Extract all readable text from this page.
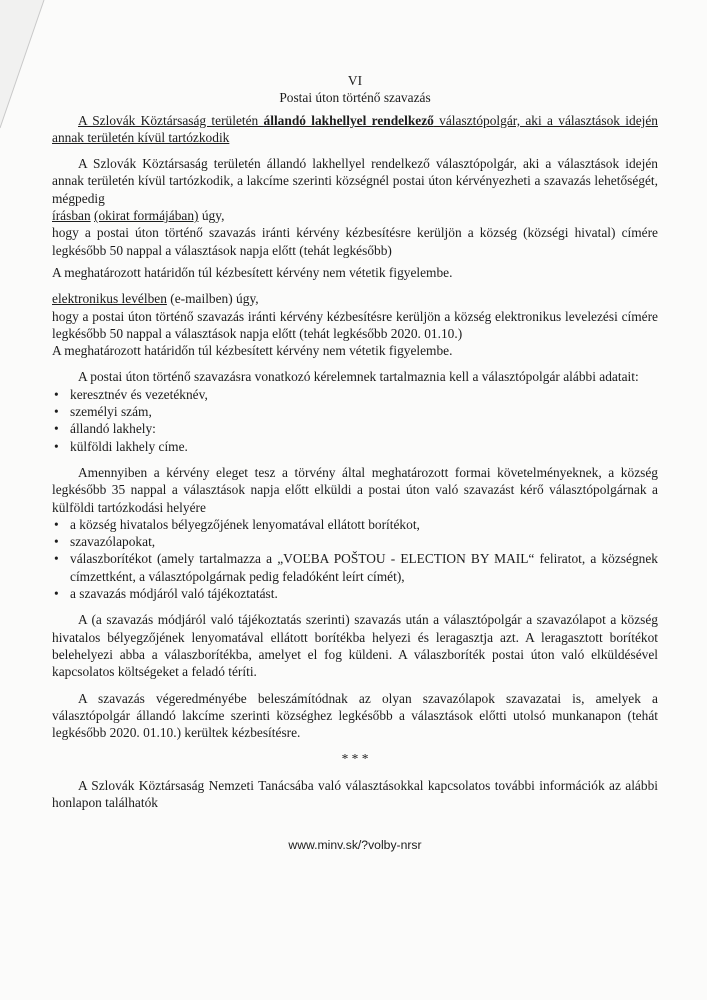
VI

Postai úton történő szavazás

A Szlovák Köztársaság területén állandó lakhellyel rendelkező választópolgár, aki a választások idején annak területén kívül tartózkodik

A Szlovák Köztársaság területén állandó lakhellyel rendelkező választópolgár, aki a választások idején annak területén kívül tartózkodik, a lakcíme szerinti községnél postai úton kérvényezheti a szavazás lehetőségét, mégpedig

írásban (okirat formájában) úgy,

hogy a postai úton történő szavazás iránti kérvény kézbesítésre kerüljön a község (községi hivatal) címére legkésőbb 50 nappal a választások napja előtt (tehát legkésőbb)

A meghatározott határidőn túl kézbesített kérvény nem vétetik figyelembe.

elektronikus levélben (e-mailben) úgy,

hogy a postai úton történő szavazás iránti kérvény kézbesítésre kerüljön a község elektronikus levelezési címére legkésőbb 50 nappal a választások napja előtt (tehát legkésőbb 2020. 01.10.)

A meghatározott határidőn túl kézbesített kérvény nem vétetik figyelembe.

A postai úton történő szavazásra vonatkozó kérelemnek tartalmaznia kell a választópolgár alábbi adatait:

• keresztnév és vezetéknév,
• személyi szám,
• állandó lakhely:
• külföldi lakhely címe.

Amennyiben a kérvény eleget tesz a törvény által meghatározott formai követelményeknek, a község legkésőbb 35 nappal a választások napja előtt elküldi a postai úton való szavazást kérő választópolgárnak a külföldi tartózkodási helyére

• a község hivatalos bélyegzőjének lenyomatával ellátott borítékot,
• szavazólapokat,
• válaszborítékot (amely tartalmazza a „VOĽBA POŠTOU - ELECTION BY MAIL“ feliratot, a községnek címzettként, a választópolgárnak pedig feladóként leírt címét),
• a szavazás módjáról való tájékoztatást.

A (a szavazás módjáról való tájékoztatás szerinti) szavazás után a választópolgár a szavazólapot a község hivatalos bélyegzőjének lenyomatával ellátott borítékba helyezi és leragasztja azt. A leragasztott borítékot belehelyezi abba a válaszborítékba, amelyet el fog küldeni. A válaszboríték postai úton való elküldésével kapcsolatos költségeket a feladó téríti.

A szavazás végeredményébe beleszámítódnak az olyan szavazólapok szavazatai is, amelyek a választópolgár állandó lakcíme szerinti községhez legkésőbb a választások előtti utolsó munkanapon (tehát legkésőbb 2020. 01.10.) kerültek kézbesítésre.

* * *

A Szlovák Köztársaság Nemzeti Tanácsába való választásokkal kapcsolatos további információk az alábbi honlapon találhatók

www.minv.sk/?volby-nrsr
